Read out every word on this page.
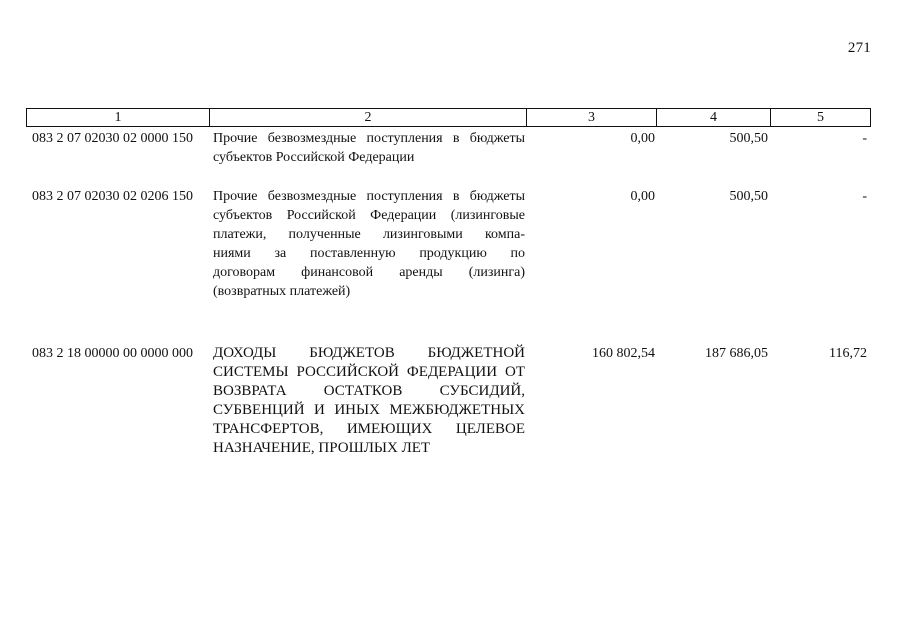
271
1	2	3	4	5
083 2 07 02030 02 0000 150 Прочие безвозмездные поступления в бюджеты
субъектов Российской Федерации
0,00	500,50	-
083 2 07 02030 02 0206 150 Прочие безвозмездные поступления в бюджеты
субъектов Российской Федерации (лизинговые
платежи, полученные лизинговыми компа-
ниями за поставленную продукцию по
договорам финансовой аренды (лизинга)
(возвратных платежей)
0,00	500,50	-
083 2 18 00000 00 0000 000 ДОХОДЫ БЮДЖЕТОВ БЮДЖЕТНОЙ
СИСТЕМЫ РОССИЙСКОЙ ФЕДЕРАЦИИ ОТ
ВОЗВРАТА ОСТАТКОВ СУБСИДИЙ,
СУБВЕНЦИЙ И ИНЫХ МЕЖБЮДЖЕТНЫХ
ТРАНСФЕРТОВ, ИМЕЮЩИХ ЦЕЛЕВОЕ
НАЗНАЧЕНИЕ, ПРОШЛЫХ ЛЕТ
160 802,54	187 686,05	116,72
